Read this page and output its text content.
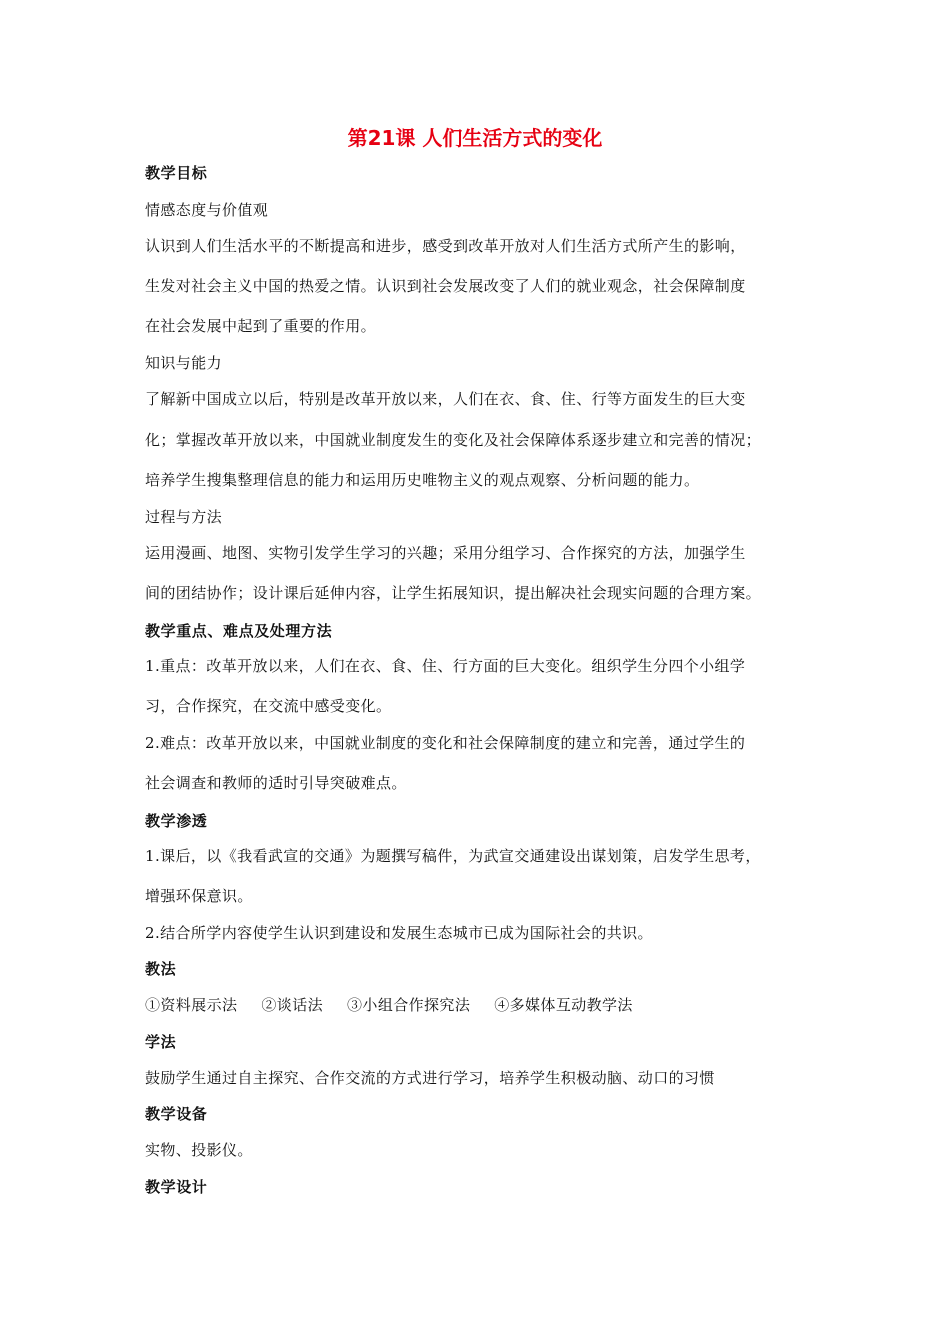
第21课 人们生活方式的变化
教学目标
情感态度与价值观
认识到人们生活水平的不断提高和进步，感受到改革开放对人们生活方式所产生的影响，
生发对社会主义中国的热爱之情。认识到社会发展改变了人们的就业观念，社会保障制度
在社会发展中起到了重要的作用。
知识与能力
了解新中国成立以后，特别是改革开放以来，人们在衣、食、住、行等方面发生的巨大变
化；掌握改革开放以来，中国就业制度发生的变化及社会保障体系逐步建立和完善的情况；
培养学生搜集整理信息的能力和运用历史唯物主义的观点观察、分析问题的能力。
过程与方法
运用漫画、地图、实物引发学生学习的兴趣；采用分组学习、合作探究的方法，加强学生
间的团结协作；设计课后延伸内容，让学生拓展知识，提出解决社会现实问题的合理方案。
教学重点、难点及处理方法
1.重点：改革开放以来，人们在衣、食、住、行方面的巨大变化。组织学生分四个小组学
习，合作探究，在交流中感受变化。
2.难点：改革开放以来，中国就业制度的变化和社会保障制度的建立和完善，通过学生的
社会调查和教师的适时引导突破难点。
教学渗透
1.课后，以《我看武宣的交通》为题撰写稿件，为武宣交通建设出谋划策，启发学生思考，
增强环保意识。
2.结合所学内容使学生认识到建设和发展生态城市已成为国际社会的共识。
教法
①资料展示法 ②谈话法 ③小组合作探究法 ④多媒体互动教学法
学法
鼓励学生通过自主探究、合作交流的方式进行学习，培养学生积极动脑、动口的习惯
教学设备
实物、投影仪。
教学设计
